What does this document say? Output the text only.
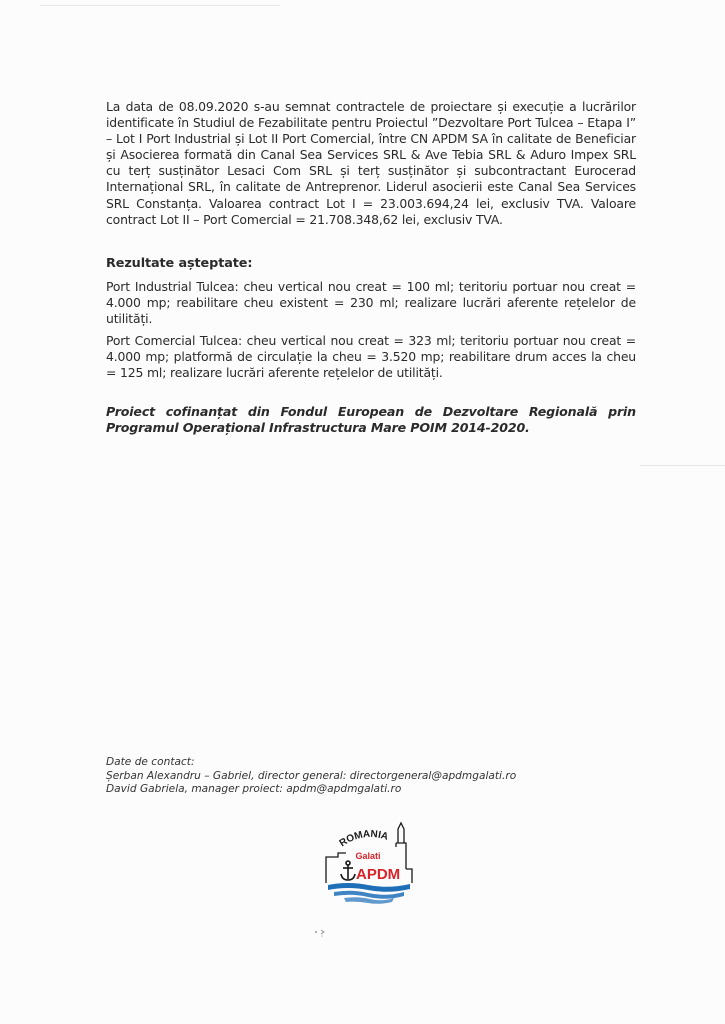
La data de 08.09.2020 s-au semnat contractele de proiectare și execuție a lucrărilor identificate în Studiul de Fezabilitate pentru Proiectul ”Dezvoltare Port Tulcea – Etapa I” – Lot I Port Industrial și Lot II Port Comercial, între CN APDM SA în calitate de Beneficiar și Asocierea formată din Canal Sea Services SRL & Ave Tebia SRL & Aduro Impex SRL cu terț susținător Lesaci Com SRL și terț susținător și subcontractant Eurocerad Internațional SRL, în calitate de Antreprenor. Liderul asocierii este Canal Sea Services SRL Constanța. Valoarea contract Lot I = 23.003.694,24 lei, exclusiv TVA. Valoare contract Lot II – Port Comercial = 21.708.348,62 lei, exclusiv TVA.

Rezultate așteptate:

Port Industrial Tulcea: cheu vertical nou creat = 100 ml; teritoriu portuar nou creat = 4.000 mp; reabilitare cheu existent = 230 ml; realizare lucrări aferente rețelelor de utilități.

Port Comercial Tulcea: cheu vertical nou creat = 323 ml; teritoriu portuar nou creat = 4.000 mp; platformă de circulație la cheu = 3.520 mp; reabilitare drum acces la cheu = 125 ml; realizare lucrări aferente rețelelor de utilități.

Proiect cofinanțat din Fondul European de Dezvoltare Regională prin Programul Operațional Infrastructura Mare POIM 2014-2020.

Date de contact:
Șerban Alexandru – Gabriel, director general: directorgeneral@apdmgalati.ro
David Gabriela, manager proiect: apdm@apdmgalati.ro
ROMANIA
Galati
APDM
